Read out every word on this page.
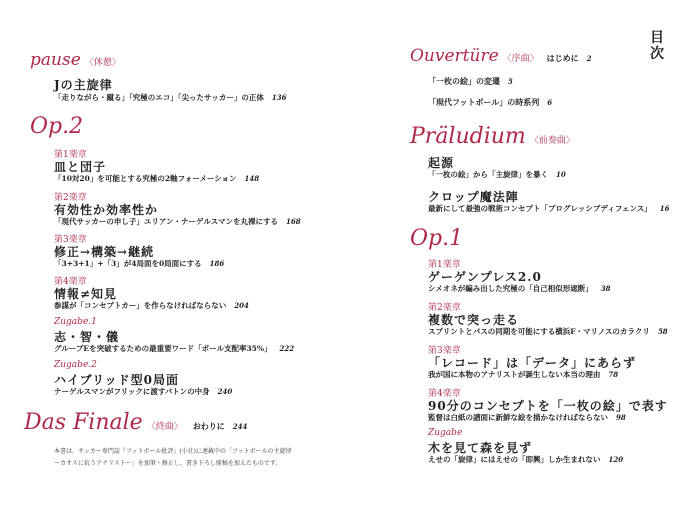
目
次
pause 〈休憩〉
Jの主旋律
「走りながら・蹴る」「究極のエコ」「尖ったサッカー」の正体 136
Op.2
第1楽章
皿と団子
「10対20」を可能とする究極の2軸フォーメーション 148
第2楽章
有効性か効率性か
「現代サッカーの申し子」ユリアン・ナーゲルスマンを丸裸にする 168
第3楽章
修正→構築→継続
「3+3+1」+「3」が4局面を0局面にする 186
第4楽章
情報≠知見
参謀が「コンセプトカー」を作らなければならない 204
Zugabe.1
志・智・儀
グループEを突破するための最重要ワード「ボール支配率35%」 222
Zugabe.2
ハイブリッド型0局面
ナーゲルスマンがフリックに渡すバトンの中身 240
Das Finale 〈終曲〉 おわりに 244
本書は、サッカー専門誌『フットボール批評』(小社)に連載中の「フットボールの主旋律
〜カオスに抗うアナリスト〜」を加筆・修正し、書き下ろし原稿を加えたものです。
Ouvertüre 〈序曲〉 はじめに 2
「一枚の絵」の変遷 5
「現代フットボール」の時系列 6
Präludium 〈前奏曲〉
起源
「一枚の絵」から「主旋律」を暴く 10
クロップ魔法陣
最新にして最強の戦術コンセプト「プログレッシブディフェンス」 16
Op.1
第1楽章
ゲーゲンプレス2.0
シメオネが編み出した究極の「自己相似形遮断」 38
第2楽章
複数で突っ走る
スプリントとパスの同期を可能にする横浜F・マリノスのカラクリ 58
第3楽章
「レコード」は「データ」にあらず
我が国に本物のアナリストが誕生しない本当の理由 78
第4楽章
90分のコンセプトを「一枚の絵」で表す
監督は白紙の譜面に新鮮な絵を描かなければならない 98
Zugabe
木を見て森を見ず
えせの「旋律」にはえせの「即興」しか生まれない 120
